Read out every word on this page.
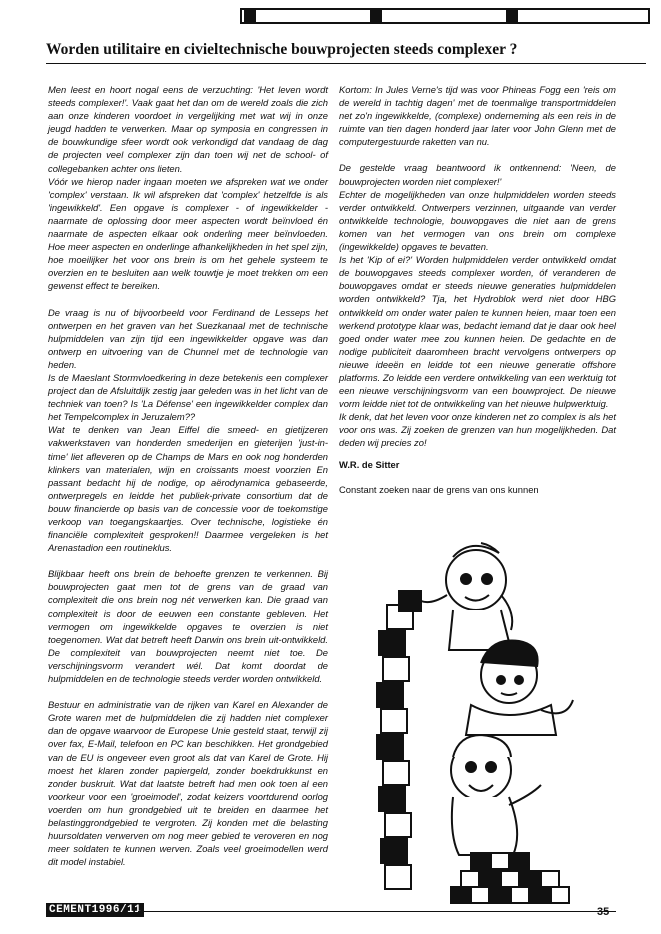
Worden utilitaire en civieltechnische bouwprojecten steeds complexer ?

Men leest en hoort nogal eens de verzuchting: 'Het leven wordt steeds complexer!'. Vaak gaat het dan om de wereld zoals die zich aan onze kinderen voordoet in vergelijking met wat wij in onze jeugd hadden te verwerken. Maar op symposia en congressen in de bouwkundige sfeer wordt ook verkondigd dat vandaag de dag de projecten veel complexer zijn dan toen wij net de school- of collegebanken achter ons lieten.

Vóór we hierop nader ingaan moeten we afspreken wat we onder 'complex' verstaan. Ik wil afspreken dat 'complex' hetzelfde is als 'ingewikkeld'. Een opgave is complexer - of ingewikkelder - naarmate de oplossing door meer aspecten wordt beïnvloed én naarmate de aspecten elkaar ook onderling meer beïnvloeden. Hoe meer aspecten en onderlinge afhankelijkheden in het spel zijn, hoe moeilijker het voor ons brein is om het gehele systeem te overzien en te besluiten aan welk touwtje je moet trekken om een gewenst effect te bereiken.

De vraag is nu of bijvoorbeeld voor Ferdinand de Lesseps het ontwerpen en het graven van het Suezkanaal met de technische hulpmiddelen van zijn tijd een ingewikkelder opgave was dan ontwerp en uitvoering van de Chunnel met de technologie van heden.

Is de Maeslant Stormvloedkering in deze betekenis een complexer project dan de Afsluitdijk zestig jaar geleden was in het licht van de techniek van toen? Is 'La Défense' een ingewikkelder complex dan het Tempelcomplex in Jeruzalem??

Wat te denken van Jean Eiffel die smeed- en gietijzeren vakwerkstaven van honderden smederijen en gieterijen 'just-in-time' liet afleveren op de Champs de Mars en ook nog honderden klinkers van materialen, wijn en croissants moest voorzien En passant bedacht hij de nodige, op aërodynamica gebaseerde, ontwerpregels en leidde het publiek-private consortium dat de bouw financierde op basis van de concessie voor de toekomstige verkoop van toegangskaartjes. Over technische, logistieke én financiële complexiteit gesproken!! Daarmee vergeleken is het Arenastadion een routineklus.

Blijkbaar heeft ons brein de behoefte grenzen te verkennen. Bij bouwprojecten gaat men tot de grens van de graad van complexiteit die ons brein nog nét verwerken kan. Die graad van complexiteit is door de eeuwen een constante gebleven. Het vermogen om ingewikkelde opgaves te overzien is niet toegenomen. Wat dat betreft heeft Darwin ons brein uit-ontwikkeld. De complexiteit van bouwprojecten neemt niet toe. De verschijningsvorm verandert wél. Dat komt doordat de hulpmiddelen en de technologie steeds verder worden ontwikkeld.

Bestuur en administratie van de rijken van Karel en Alexander de Grote waren met de hulpmiddelen die zij hadden niet complexer dan de opgave waarvoor de Europese Unie gesteld staat, terwijl zij over fax, E-Mail, telefoon en PC kan beschikken. Het grondgebied van de EU is ongeveer even groot als dat van Karel de Grote. Hij moest het klaren zonder papiergeld, zonder boekdrukkunst en zonder buskruit. Wat dat laatste betreft had men ook toen al een voorkeur voor een 'groeimodel', zodat keizers voortdurend oorlog voerden om hun grondgebied uit te breiden en daarmee het belastinggrondgebied te vergroten. Zij konden met die belasting huursoldaten verwerven om nog meer gebied te veroveren en nog meer soldaten te kunnen werven. Zoals veel groeimodellen werd dit model instabiel.

Kortom: In Jules Verne's tijd was voor Phineas Fogg een 'reis om de wereld in tachtig dagen' met de toenmalige transportmiddelen net zo'n ingewikkelde, (complexe) onderneming als een reis in de ruimte van tien dagen honderd jaar later voor John Glenn met de computergestuurde raketten van nu.

De gestelde vraag beantwoord ik ontkennend: 'Neen, de bouwprojecten worden niet complexer!'

Echter de mogelijkheden van onze hulpmiddelen worden steeds verder ontwikkeld. Ontwerpers verzinnen, uitgaande van verder ontwikkelde technologie, bouwopgaves die niet aan de grens komen van het vermogen van ons brein om complexe (ingewikkelde) opgaves te bevatten.

Is het 'Kip of ei?' Worden hulpmiddelen verder ontwikkeld omdat de bouwopgaves steeds complexer worden, óf veranderen de bouwopgaves omdat er steeds nieuwe generaties hulpmiddelen worden ontwikkeld? Tja, het Hydroblok werd niet door HBG ontwikkeld om onder water palen te kunnen heien, maar toen een werkend prototype klaar was, bedacht iemand dat je daar ook heel goed onder water mee zou kunnen heien. De gedachte en de nodige publiciteit daaromheen bracht vervolgens ontwerpers op nieuwe ideeën en leidde tot een nieuwe generatie offshore platforms. Zo leidde een verdere ontwikkeling van een werktuig tot een nieuwe verschijningsvorm van een bouwproject. De nieuwe vorm leidde niet tot de ontwikkeling van het nieuwe hulpwerktuig.

Ik denk, dat het leven voor onze kinderen net zo complex is als het voor ons was. Zij zoeken de grenzen van hun mogelijkheden. Dat deden wij precies zo!

W.R. de Sitter
Constant zoeken naar de grens van ons kunnen
CEMENT1996/11	35
